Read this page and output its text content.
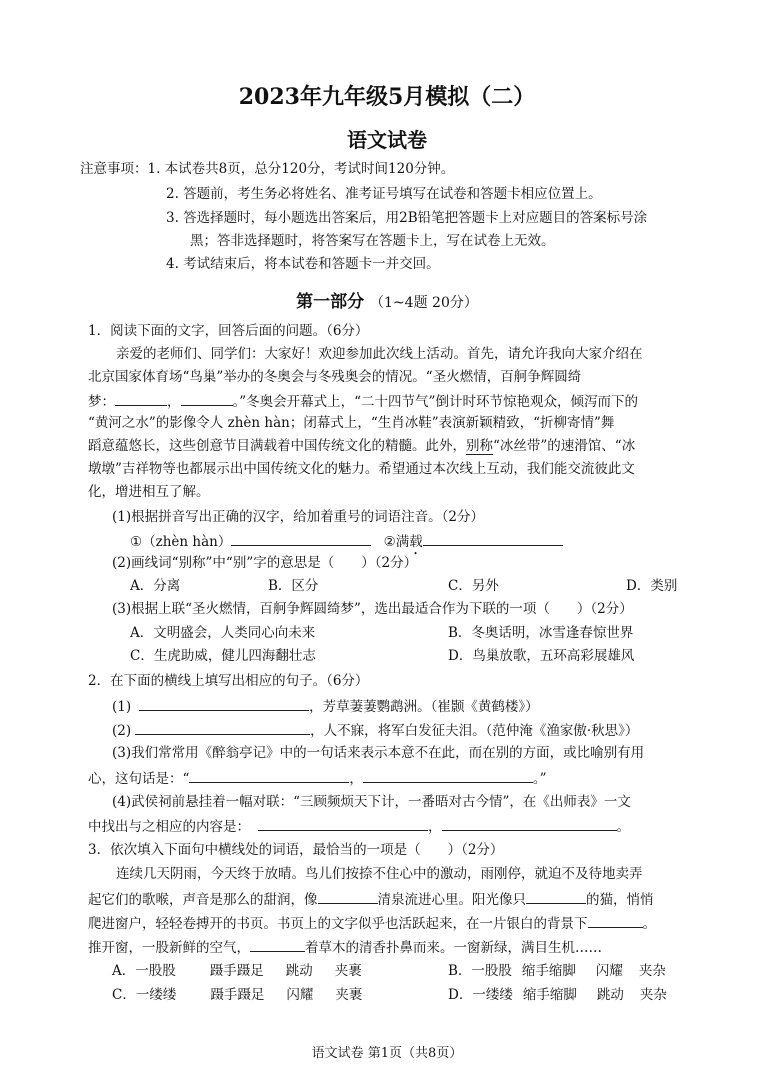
2023年九年级5月模拟（二）
语文试卷
注意事项：1. 本试卷共8页，总分120分，考试时间120分钟。
2. 答题前，考生务必将姓名、准考证号填写在试卷和答题卡相应位置上。
3. 答选择题时，每小题选出答案后，用2B铅笔把答题卡上对应题目的答案标号涂
黑；答非选择题时，将答案写在答题卡上，写在试卷上无效。
4. 考试结束后，将本试卷和答题卡一并交回。
第一部分 （1~4题 20分）
1．阅读下面的文字，回答后面的问题。（6分）
亲爱的老师们、同学们：大家好！欢迎参加此次线上活动。首先，请允许我向大家介绍在
北京国家体育场“鸟巢”举办的冬奥会与冬残奥会的情况。“圣火燃情，百舸争辉圆绮
梦：	，	。”冬奥会开幕式上，“二十四节气”倒计时环节惊艳观众，倾泻而下的
“黄河之水”的影像令人 zhèn hàn；闭幕式上，“生肖冰鞋”表演新颖精致，“折柳寄情”舞
蹈意蕴悠长，这些创意节目满载着中国传统文化的精髓。此外，别称“冰丝带”的速滑馆、“冰
墩墩”吉祥物等也都展示出中国传统文化的魅力。希望通过本次线上互动，我们能交流彼此文
化，增进相互了解。
(1)根据拼音写出正确的汉字，给加着重号的词语注音。（2分）
①（zhèn hàn）	②满载
(2)画线词“别称”中“别”字的意思是（　　）（2分）
A．分离	B．区分	C．另外	D．类别
(3)根据上联“圣火燃情，百舸争辉圆绮梦”，选出最适合作为下联的一项（　　）（2分）
A．文明盛会，人类同心向未来	B．冬奥话明，冰雪逢春惊世界
C．生虎助威，健儿四海翻壮志	D．鸟巢放歌，五环高彩展雄风
2．在下面的横线上填写出相应的句子。（6分）
(1)	，芳草萋萋鹦鹉洲。（崔颢《黄鹤楼》）
(2)	，人不寐，将军白发征夫泪。（范仲淹《渔家傲·秋思》）
(3)我们常常用《醉翁亭记》中的一句话来表示本意不在此，而在别的方面，或比喻别有用
心，这句话是：“	，	。”
(4)武侯祠前悬挂着一幅对联：“三顾频烦天下计，一番晤对古今情”，在《出师表》一文
中找出与之相应的内容是：	，	。
3．依次填入下面句中横线处的词语，最恰当的一项是（　　）（2分）
连续几天阴雨，今天终于放晴。鸟儿们按捺不住心中的激动，雨刚停，就迫不及待地卖弄
起它们的歌喉，声音是那么的甜润，像	清泉流进心里。阳光像只	的猫，悄悄
爬进窗户，轻轻卷搏开的书页。书页上的文字似乎也活跃起来，在一片银白的背景下	。
推开窗，一股新鲜的空气，	着草木的清香扑鼻而来。一窗新绿，满目生机……
A．一股股	蹑手蹑足 跳动 夹裹	B．一股股 缩手缩脚 闪耀 夹杂
C．一缕缕	蹑手蹑足 闪耀 夹裹	D．一缕缕 缩手缩脚 跳动 夹杂
语文试卷 第1页（共8页）
